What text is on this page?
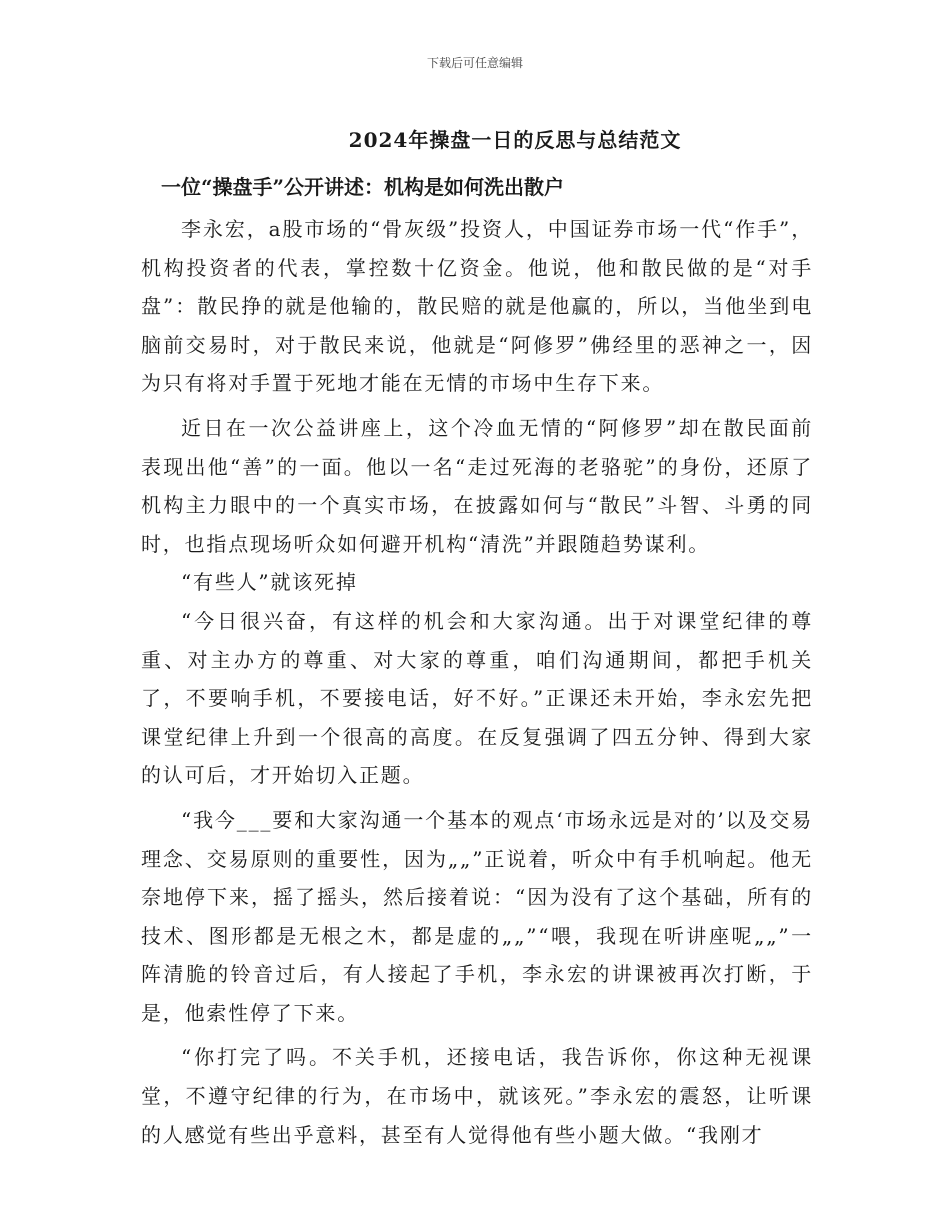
下载后可任意编辑
2024年操盘一日的反思与总结范文
一位“操盘手”公开讲述：机构是如何洗出散户

李永宏，a股市场的“骨灰级”投资人，中国证券市场一代“作手”，机构投资者的代表，掌控数十亿资金。他说，他和散民做的是“对手盘”：散民挣的就是他输的，散民赔的就是他赢的，所以，当他坐到电脑前交易时，对于散民来说，他就是“阿修罗”佛经里的恶神之一，因为只有将对手置于死地才能在无情的市场中生存下来。

近日在一次公益讲座上，这个冷血无情的“阿修罗”却在散民面前表现出他“善”的一面。他以一名“走过死海的老骆驼”的身份，还原了机构主力眼中的一个真实市场，在披露如何与“散民”斗智、斗勇的同时，也指点现场听众如何避开机构“清洗”并跟随趋势谋利。

“有些人”就该死掉

“今日很兴奋，有这样的机会和大家沟通。出于对课堂纪律的尊重、对主办方的尊重、对大家的尊重，咱们沟通期间，都把手机关了，不要响手机，不要接电话，好不好。”正课还未开始，李永宏先把课堂纪律上升到一个很高的高度。在反复强调了四五分钟、得到大家的认可后，才开始切入正题。

“我今___要和大家沟通一个基本的观点‘市场永远是对的’以及交易理念、交易原则的重要性，因为„„”正说着，听众中有手机响起。他无奈地停下来，摇了摇头，然后接着说：“因为没有了这个基础，所有的技术、图形都是无根之木，都是虚的„„”“喂，我现在听讲座呢„„”一阵清脆的铃音过后，有人接起了手机，李永宏的讲课被再次打断，于是，他索性停了下来。

“你打完了吗。不关手机，还接电话，我告诉你，你这种无视课堂，不遵守纪律的行为，在市场中，就该死。”李永宏的震怒，让听课的人感觉有些出乎意料，甚至有人觉得他有些小题大做。“我刚才
